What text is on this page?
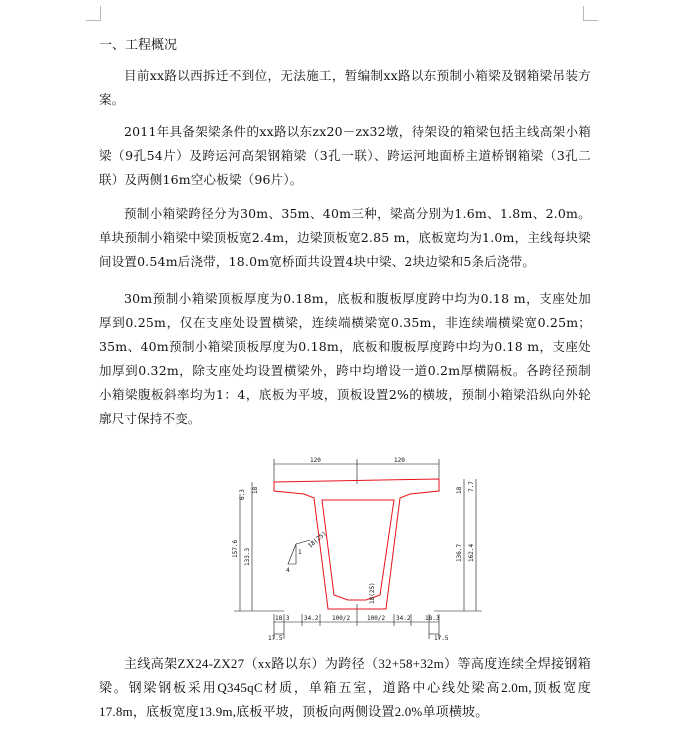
一、工程概况
目前xx路以西拆迁不到位，无法施工，暂编制xx路以东预制小箱梁及钢箱梁吊装方案。
2011年具备架梁条件的xx路以东zx20－zx32墩，待架设的箱梁包括主线高架小箱梁（9孔54片）及跨运河高架钢箱梁（3孔一联）、跨运河地面桥主道桥钢箱梁（3孔二联）及两侧16m空心板梁（96片）。
预制小箱梁跨径分为30m、35m、40m三种，梁高分别为1.6m、1.8m、2.0m。单块预制小箱梁中梁顶板宽2.4m，边梁顶板宽2.85 m，底板宽均为1.0m，主线每块梁间设置0.54m后浇带，18.0m宽桥面共设置4块中梁、2块边梁和5条后浇带。
30m预制小箱梁顶板厚度为0.18m，底板和腹板厚度跨中均为0.18 m，支座处加厚到0.25m，仅在支座处设置横梁，连续端横梁宽0.35m，非连续端横梁宽0.25m；35m、40m预制小箱梁顶板厚度为0.18m，底板和腹板厚度跨中均为0.18 m，支座处加厚到0.32m，除支座处均设置横梁外，跨中均增设一道0.2m厚横隔板。各跨径预制小箱梁腹板斜率均为1：4，底板为平坡，顶板设置2%的横坡，预制小箱梁沿纵向外轮廓尺寸保持不变。
120	120
6.3 18
157.6 133.3
7.7
18
136.7 162.4
18(25)
4
1
18(25)
18.3 34.2 100/2	100/2 34.2 18.3
17.5	17.5
主线高架ZX24-ZX27（xx路以东）为跨径（32+58+32m）等高度连续全焊接钢箱梁。钢梁钢板采用Q345qC材质，单箱五室，道路中心线处梁高2.0m,顶板宽度17.8m，底板宽度13.9m,底板平坡，顶板向两侧设置2.0%单项横坡。
